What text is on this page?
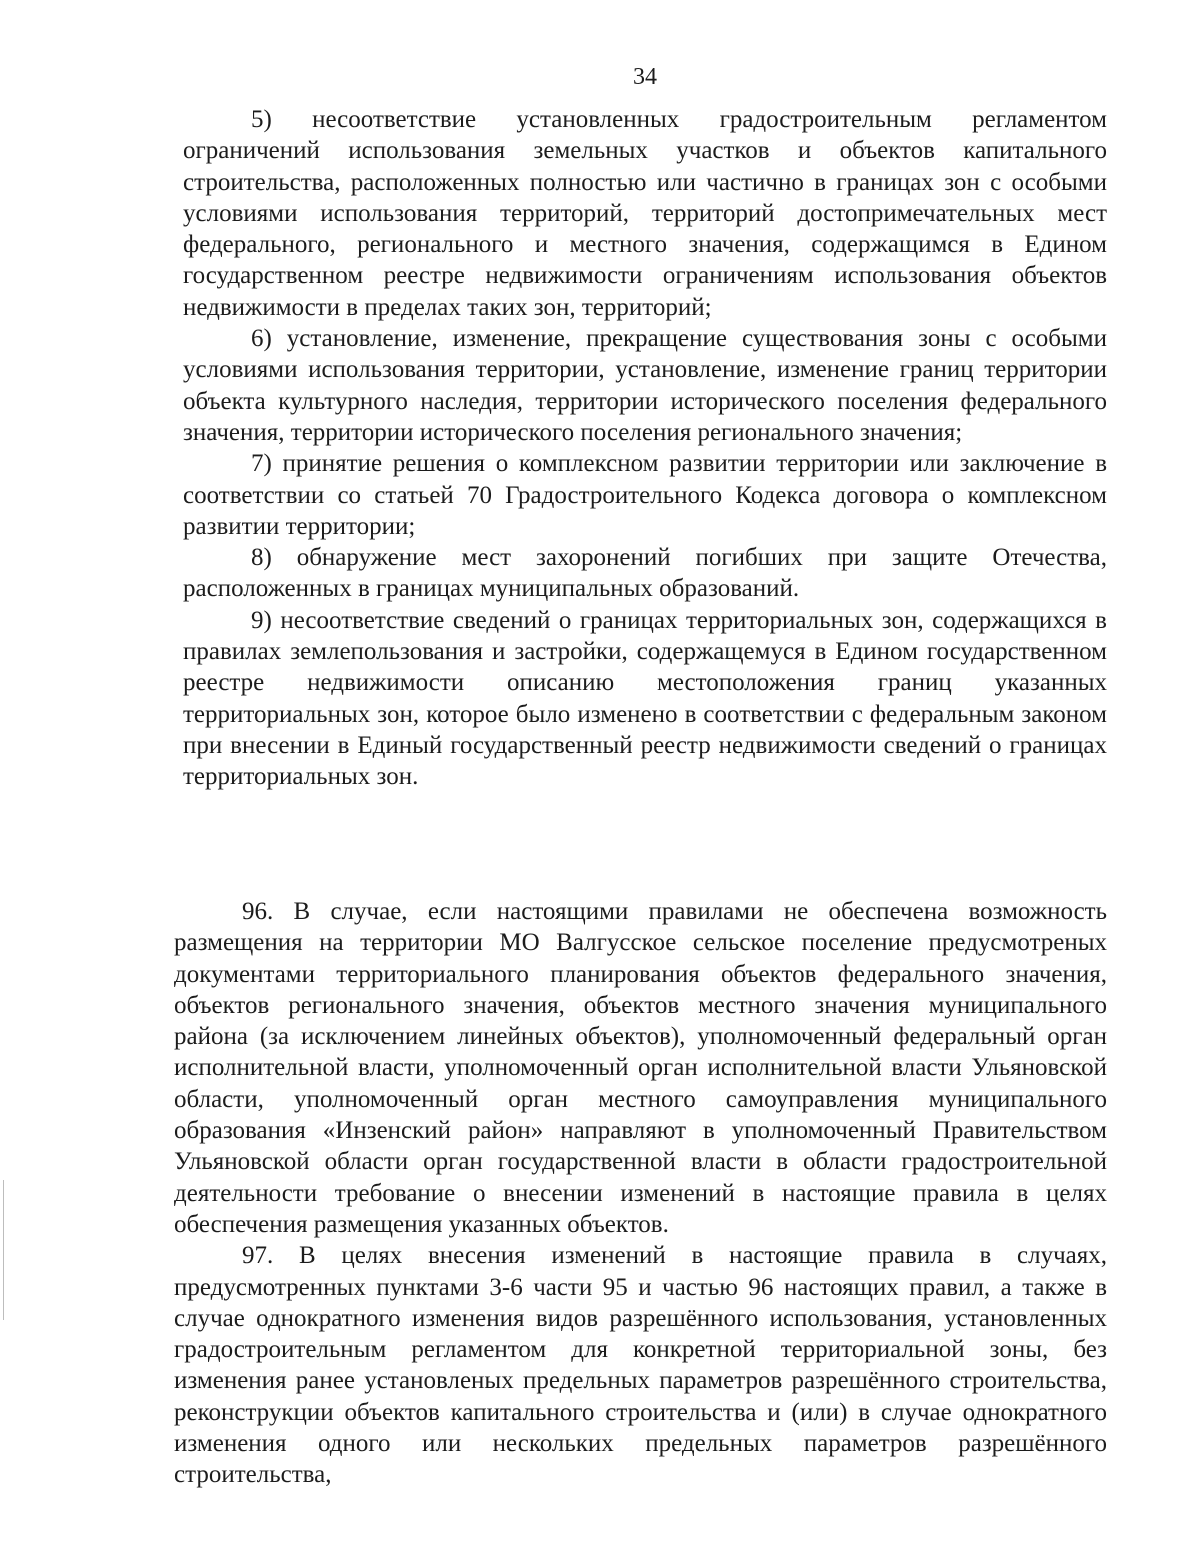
34

5) несоответствие установленных градостроительным регламентом ограничений использования земельных участков и объектов капитального строительства, расположенных полностью или частично в границах зон с особыми условиями использования территорий, территорий достопримечательных мест федерального, регионального и местного значения, содержащимся в Едином государственном реестре недвижимости ограничениям использования объектов недвижимости в пределах таких зон, территорий;

6) установление, изменение, прекращение существования зоны с особыми условиями использования территории, установление, изменение границ территории объекта культурного наследия, территории исторического поселения федерального значения, территории исторического поселения регионального значения;

7) принятие решения о комплексном развитии территории или заключение в соответствии со статьей 70 Градостроительного Кодекса договора о комплексном развитии территории;

8) обнаружение мест захоронений погибших при защите Отечества, расположенных в границах муниципальных образований.

9) несоответствие сведений о границах территориальных зон, содержащихся в правилах землепользования и застройки, содержащемуся в Едином государственном реестре недвижимости описанию местоположения границ указанных территориальных зон, которое было изменено в соответствии с федеральным законом при внесении в Единый государственный реестр недвижимости сведений о границах территориальных зон.

96. В случае, если настоящими правилами не обеспечена возможность размещения на территории МО Валгусское сельское поселение предусмотреных документами территориального планирования объектов федерального значения, объектов регионального значения, объектов местного значения муниципального района (за исключением линейных объектов), уполномоченный федеральный орган исполнительной власти, уполномоченный орган исполнительной власти Ульяновской области, уполномоченный орган местного самоуправления муниципального образования «Инзенский район» направляют в уполномоченный Правительством Ульяновской области орган государственной власти в области градостроительной деятельности требование о внесении изменений в настоящие правила в целях обеспечения размещения указанных объектов.

97. В целях внесения изменений в настоящие правила в случаях, предусмотренных пунктами 3-6 части 95 и частью 96 настоящих правил, а также в случае однократного изменения видов разрешённого использования, установленных градостроительным регламентом для конкретной территориальной зоны, без изменения ранее установленых предельных параметров разрешённого строительства, реконструкции объектов капитального строительства и (или) в случае однократного изменения одного или нескольких предельных параметров разрешённого строительства,
